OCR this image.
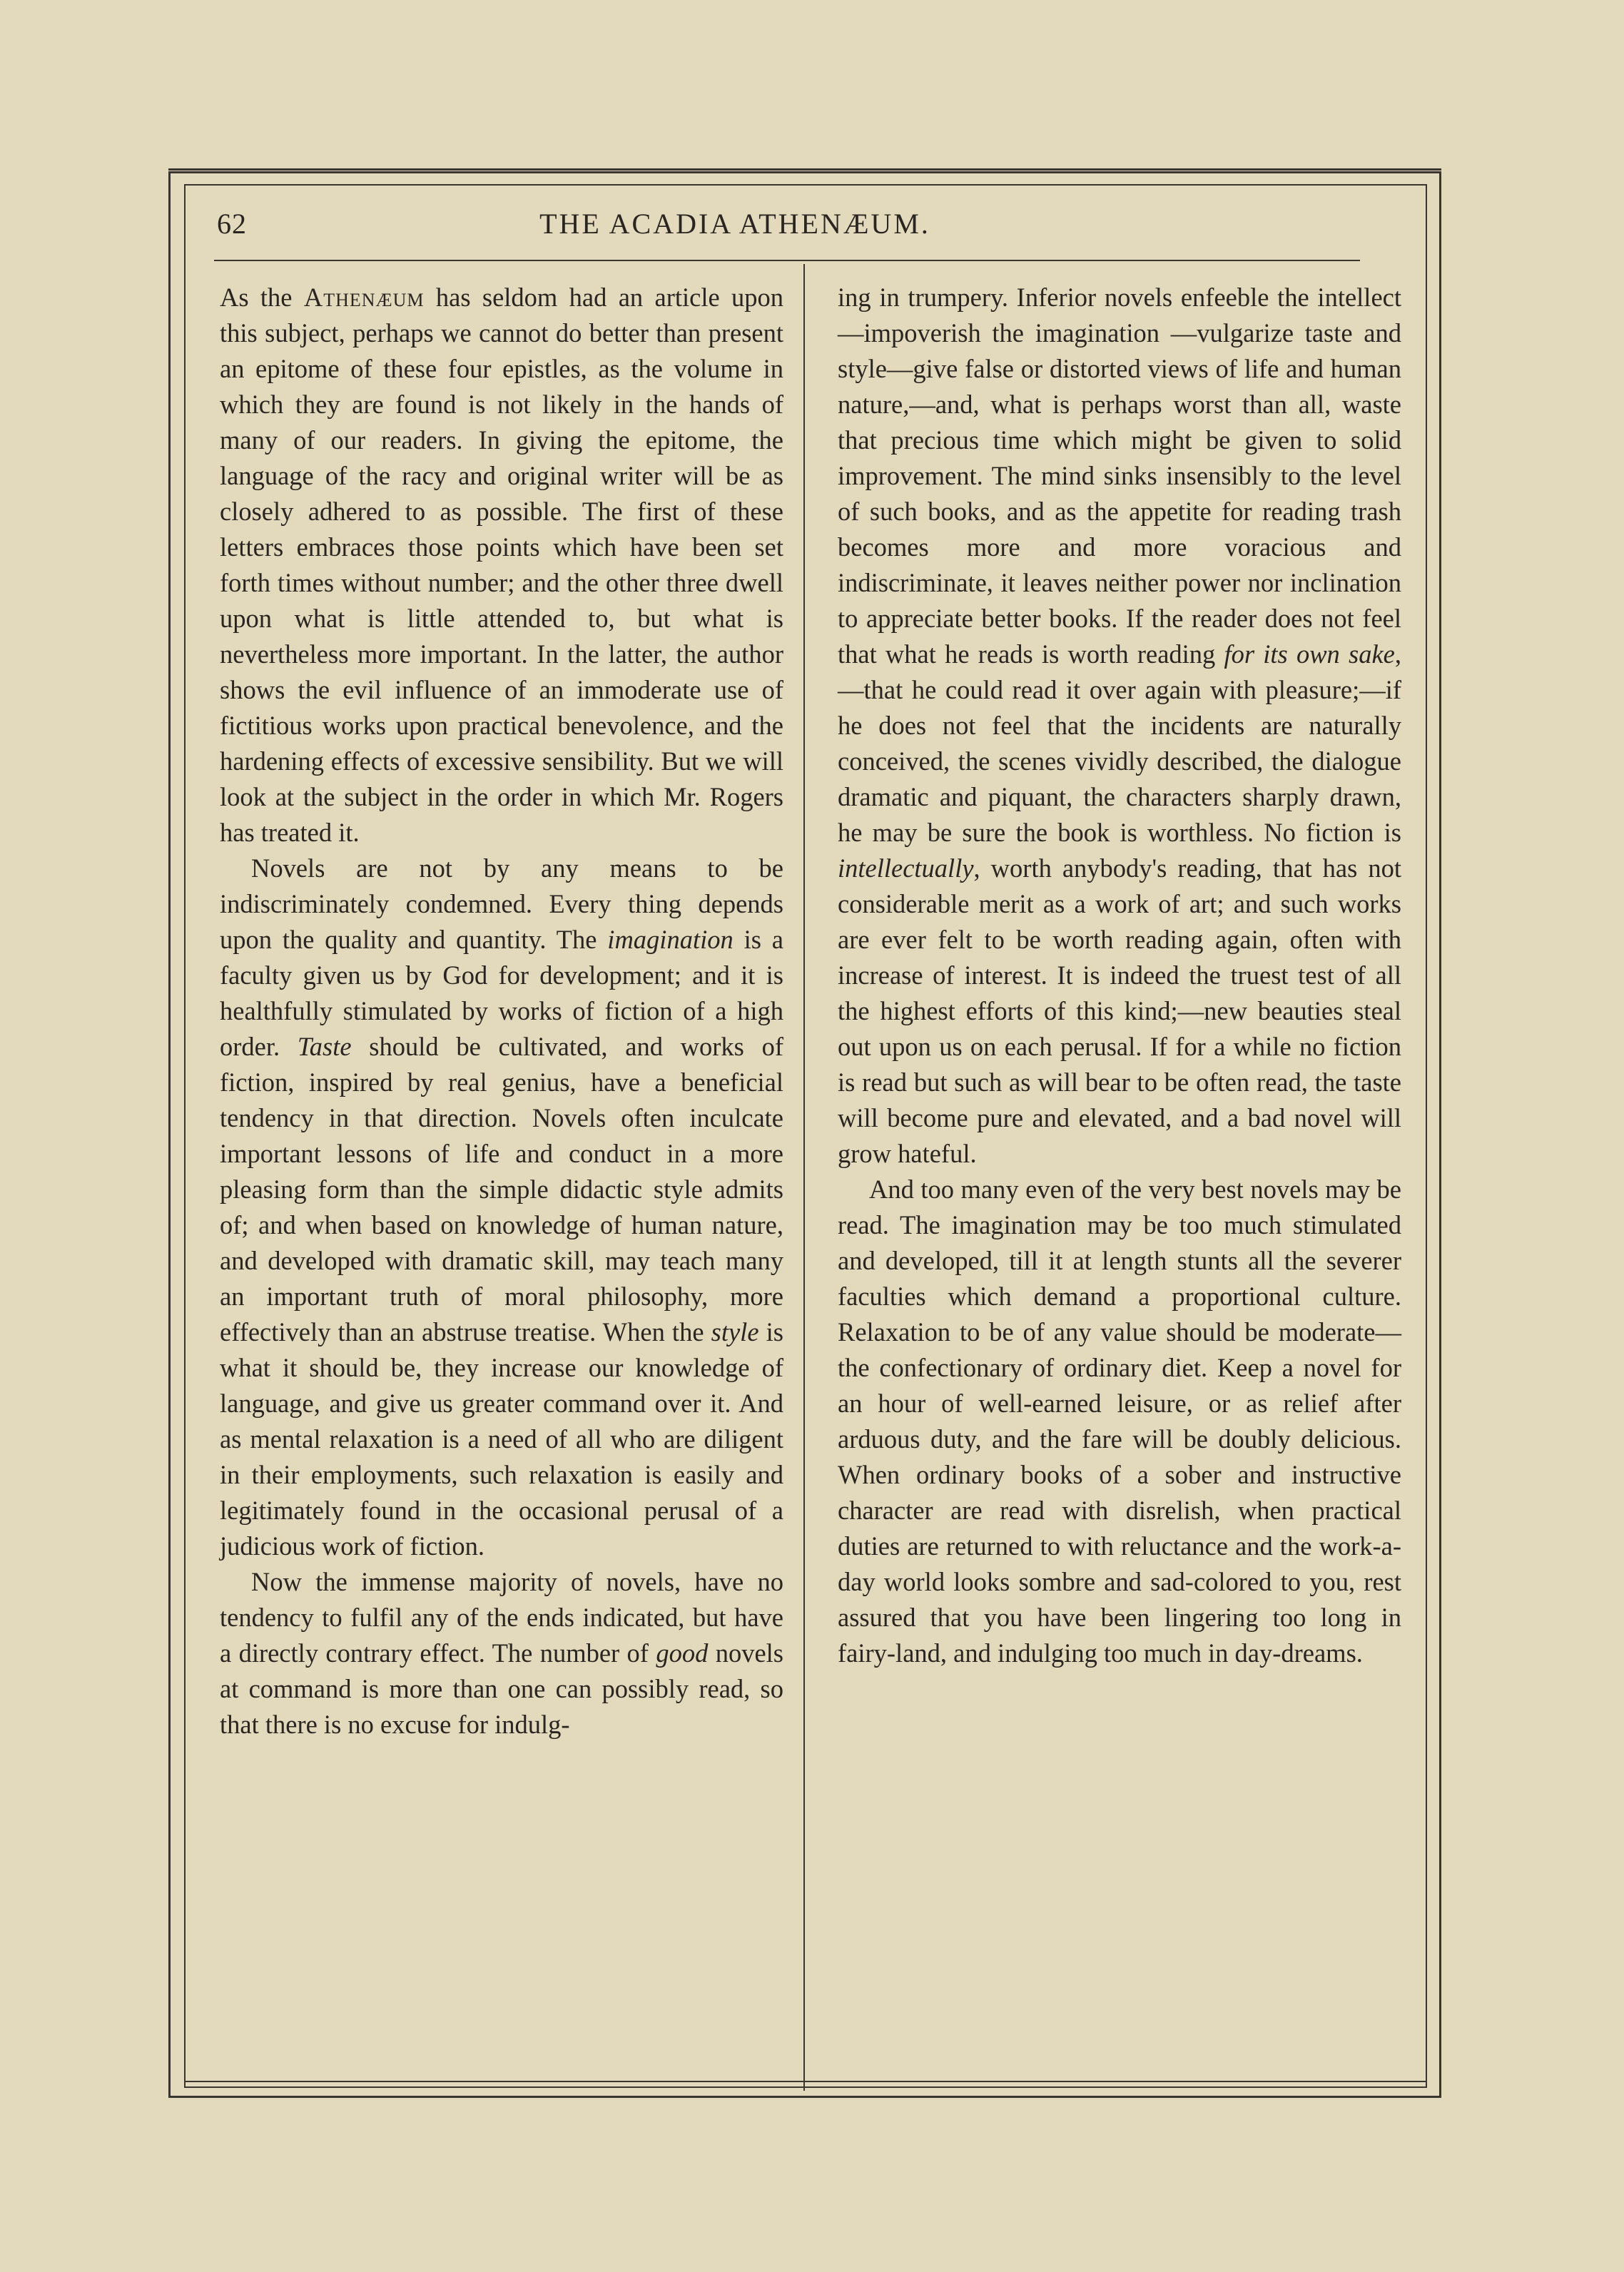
62	THE ACADIA ATHENÆUM.

As the Athenæum has seldom had an article upon this subject, perhaps we cannot do better than present an epitome of these four epistles, as the volume in which they are found is not likely in the hands of many of our readers. In giving the epitome, the language of the racy and original writer will be as closely adhered to as possible. The first of these letters embraces those points which have been set forth times without number; and the other three dwell upon what is little attended to, but what is nevertheless more important. In the latter, the author shows the evil influence of an immoderate use of fictitious works upon practical benevolence, and the hardening effects of excessive sensibility. But we will look at the subject in the order in which Mr. Rogers has treated it.

Novels are not by any means to be indiscriminately condemned. Every thing depends upon the quality and quantity. The imagination is a faculty given us by God for development; and it is healthfully stimulated by works of fiction of a high order. Taste should be cultivated, and works of fiction, inspired by real genius, have a beneficial tendency in that direction. Novels often inculcate important lessons of life and conduct in a more pleasing form than the simple didactic style admits of; and when based on knowledge of human nature, and developed with dramatic skill, may teach many an important truth of moral philosophy, more effectively than an abstruse treatise. When the style is what it should be, they increase our knowledge of language, and give us greater command over it. And as mental relaxation is a need of all who are diligent in their employments, such relaxation is easily and legitimately found in the occasional perusal of a judicious work of fiction.

Now the immense majority of novels, have no tendency to fulfil any of the ends indicated, but have a directly contrary effect. The number of good novels at command is more than one can possibly read, so that there is no excuse for indulg-

ing in trumpery. Inferior novels enfeeble the intellect—impoverish the imagination —vulgarize taste and style—give false or distorted views of life and human nature,—and, what is perhaps worst than all, waste that precious time which might be given to solid improvement. The mind sinks insensibly to the level of such books, and as the appetite for reading trash becomes more and more voracious and indiscriminate, it leaves neither power nor inclination to appreciate better books. If the reader does not feel that what he reads is worth reading for its own sake,—that he could read it over again with pleasure;—if he does not feel that the incidents are naturally conceived, the scenes vividly described, the dialogue dramatic and piquant, the characters sharply drawn, he may be sure the book is worthless. No fiction is intellectually, worth anybody's reading, that has not considerable merit as a work of art; and such works are ever felt to be worth reading again, often with increase of interest. It is indeed the truest test of all the highest efforts of this kind;—new beauties steal out upon us on each perusal. If for a while no fiction is read but such as will bear to be often read, the taste will become pure and elevated, and a bad novel will grow hateful.

And too many even of the very best novels may be read. The imagination may be too much stimulated and developed, till it at length stunts all the severer faculties which demand a proportional culture. Relaxation to be of any value should be moderate—the confectionary of ordinary diet. Keep a novel for an hour of well-earned leisure, or as relief after arduous duty, and the fare will be doubly delicious. When ordinary books of a sober and instructive character are read with disrelish, when practical duties are returned to with reluctance and the work-a-day world looks sombre and sad-colored to you, rest assured that you have been lingering too long in fairy-land, and indulging too much in day-dreams.
